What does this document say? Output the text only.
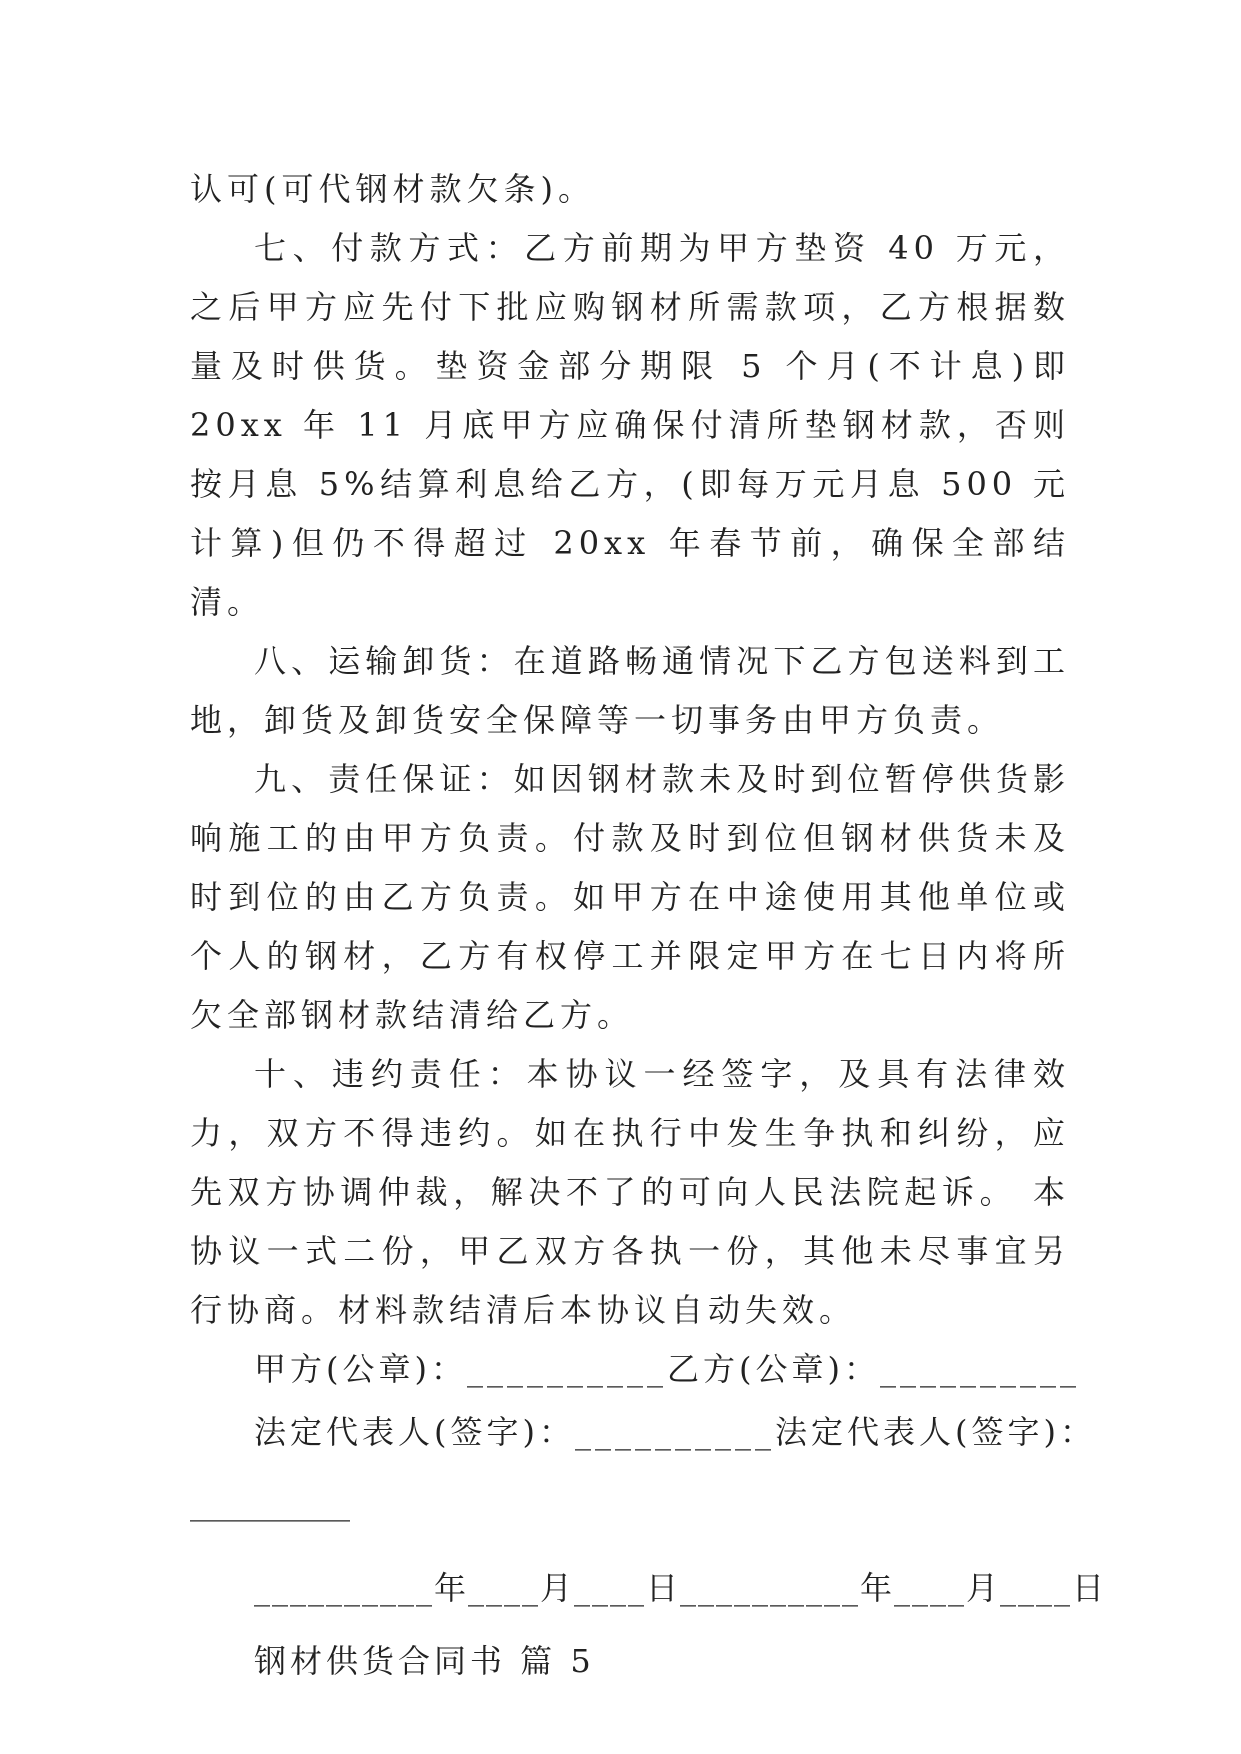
认可(可代钢材款欠条)。

七、付款方式：乙方前期为甲方垫资 40 万元，之后甲方应先付下批应购钢材所需款项，乙方根据数量及时供货。垫资金部分期限 5 个月(不计息)即 20xx 年 11 月底甲方应确保付清所垫钢材款，否则按月息 5%结算利息给乙方，(即每万元月息 500 元计算)但仍不得超过 20xx 年春节前，确保全部结清。

八、运输卸货：在道路畅通情况下乙方包送料到工地，卸货及卸货安全保障等一切事务由甲方负责。

九、责任保证：如因钢材款未及时到位暂停供货影响施工的由甲方负责。付款及时到位但钢材供货未及时到位的由乙方负责。如甲方在中途使用其他单位或个人的钢材，乙方有权停工并限定甲方在七日内将所欠全部钢材款结清给乙方。

十、违约责任：本协议一经签字，及具有法律效力，双方不得违约。如在执行中发生争执和纠纷，应先双方协调仲裁，解决不了的可向人民法院起诉。 本协议一式二份，甲乙双方各执一份，其他未尽事宜另行协商。材料款结清后本协议自动失效。

甲方(公章)：__________乙方(公章)：__________

法定代表人(签字)：__________法定代表人(签字)：

__________

__________年____月____日__________年____月____日

钢材供货合同书 篇 5
